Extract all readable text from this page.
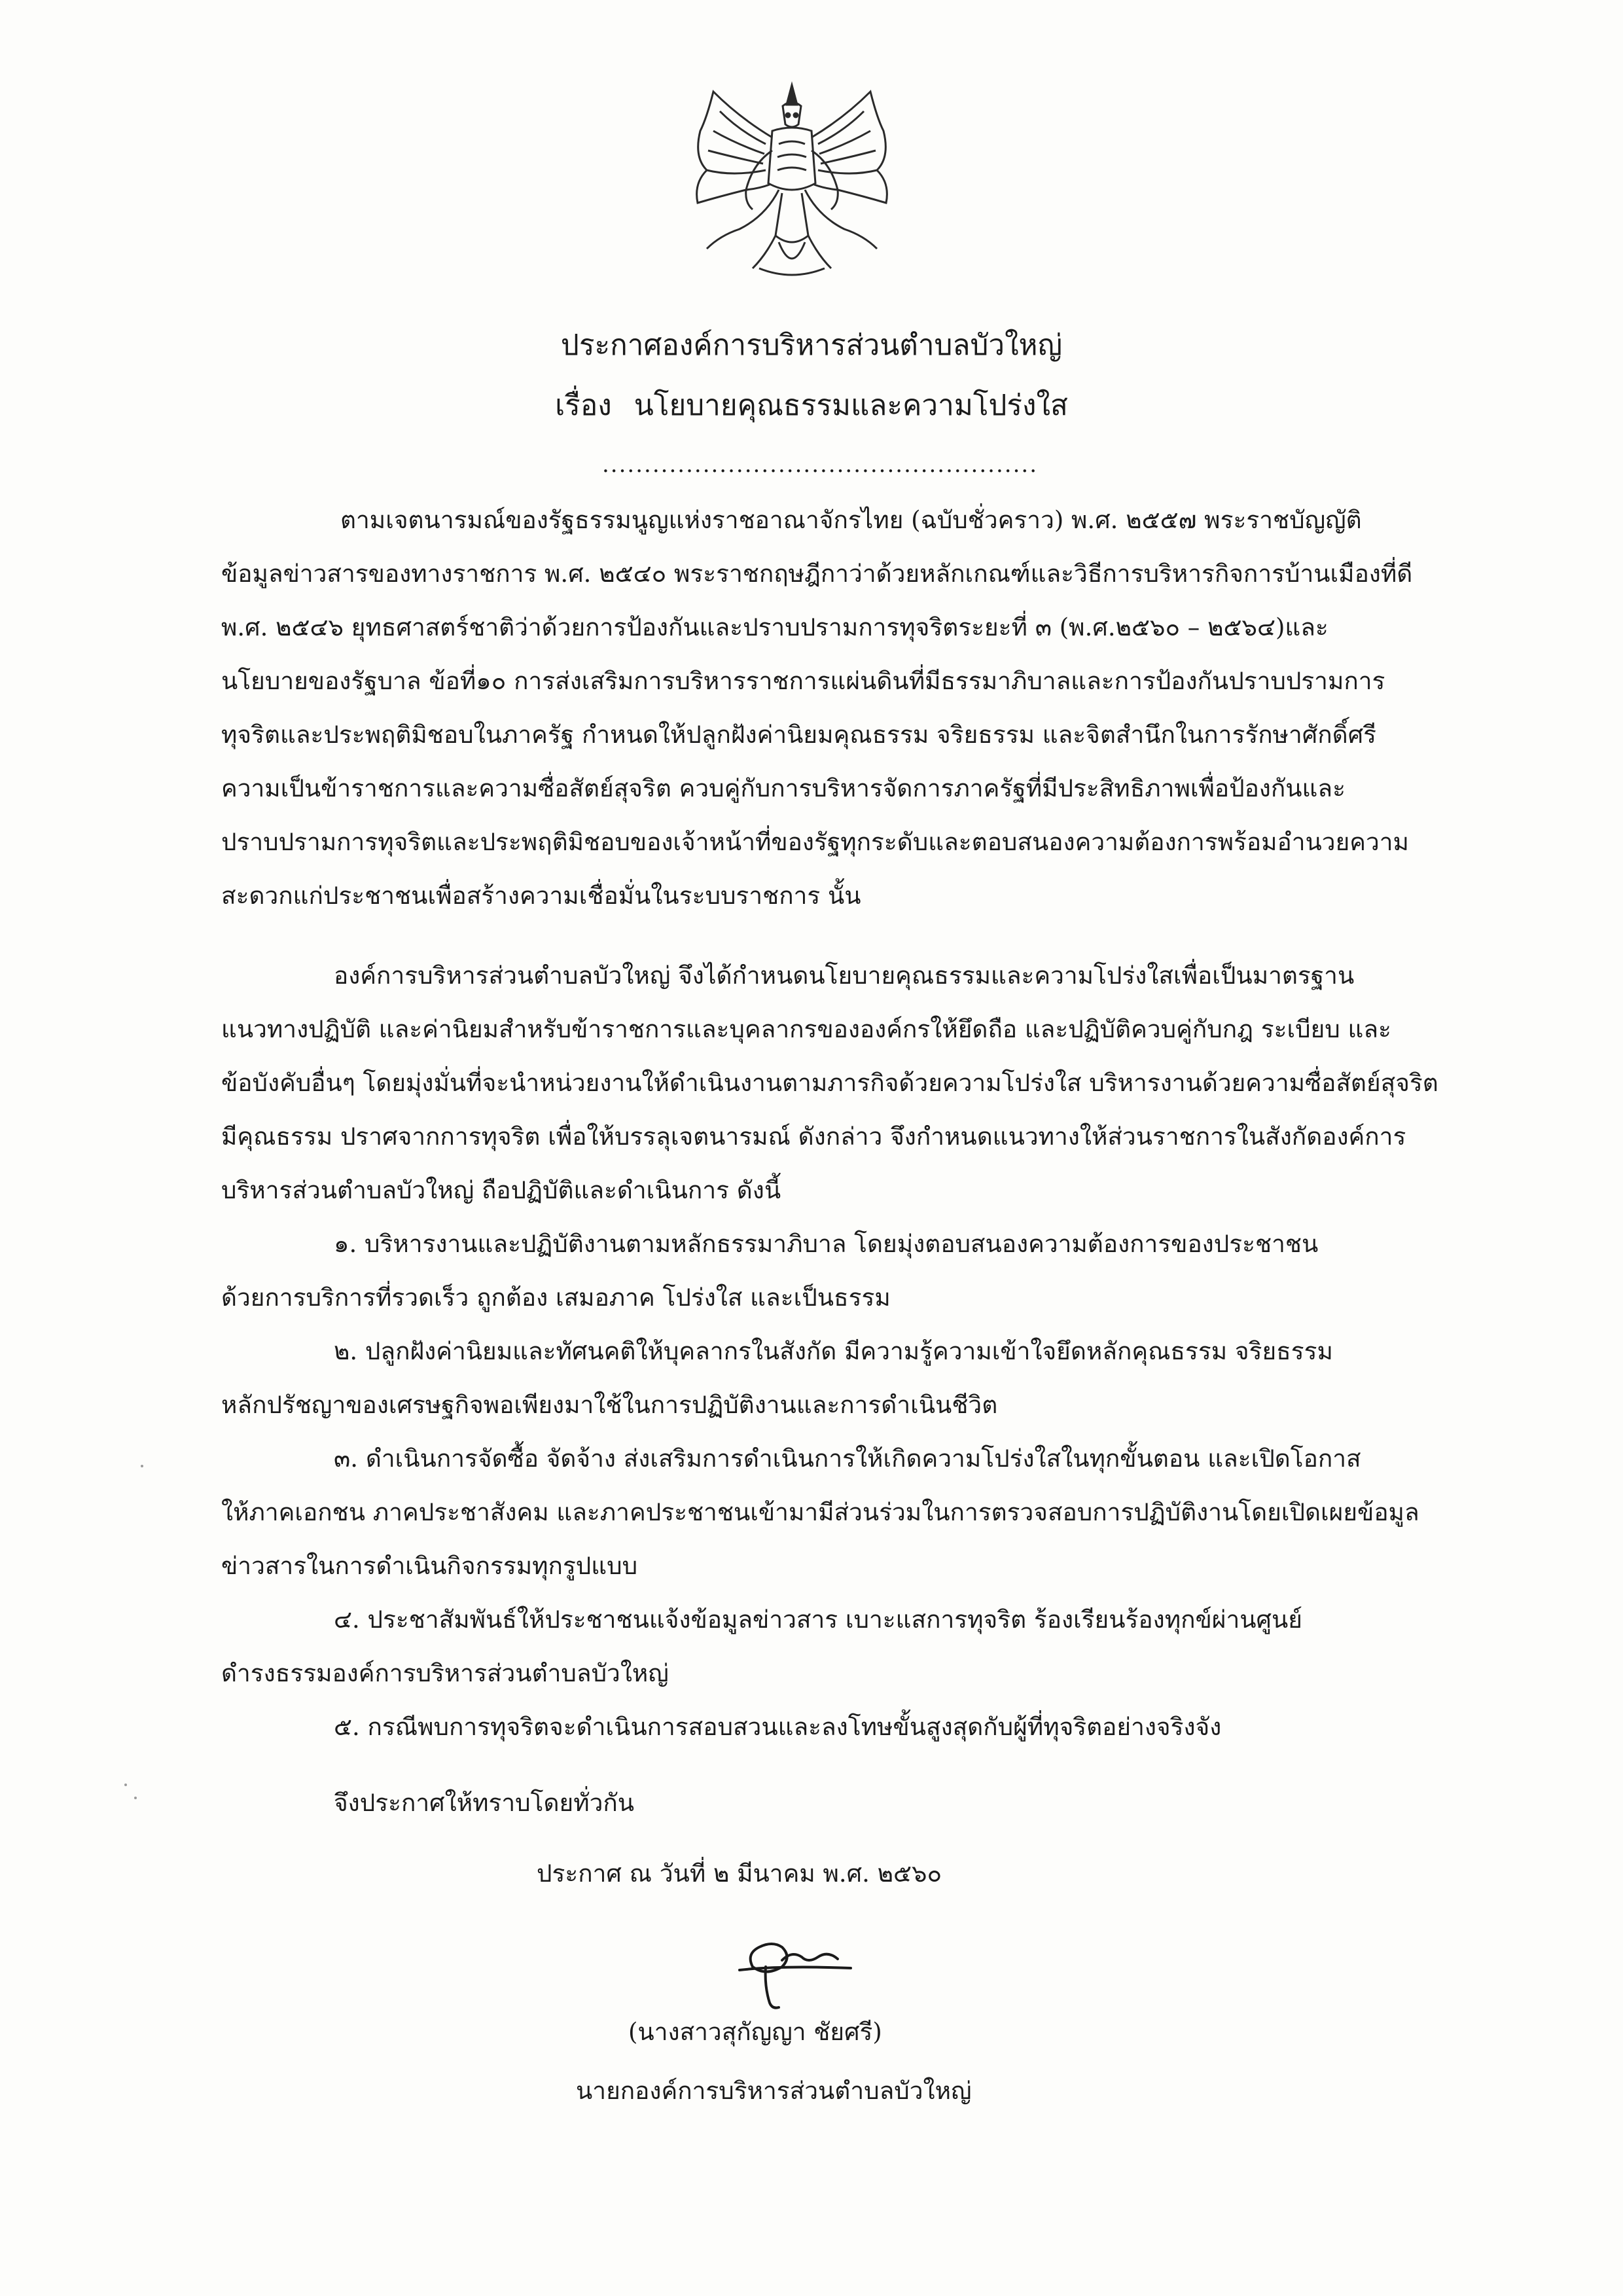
ประกาศองค์การบริหารส่วนตำบลบัวใหญ่
เรื่อง นโยบายคุณธรรมและความโปร่งใส
....................................................
ตามเจตนารมณ์ของรัฐธรรมนูญแห่งราชอาณาจักรไทย (ฉบับชั่วคราว) พ.ศ. ๒๕๕๗ พระราชบัญญัติ
ข้อมูลข่าวสารของทางราชการ พ.ศ. ๒๕๔๐ พระราชกฤษฎีกาว่าด้วยหลักเกณฑ์และวิธีการบริหารกิจการบ้านเมืองที่ดี
พ.ศ. ๒๕๔๖ ยุทธศาสตร์ชาติว่าด้วยการป้องกันและปราบปรามการทุจริตระยะที่ ๓ (พ.ศ.๒๕๖๐ – ๒๕๖๔)และ
นโยบายของรัฐบาล ข้อที่๑๐ การส่งเสริมการบริหารราชการแผ่นดินที่มีธรรมาภิบาลและการป้องกันปราบปรามการ
ทุจริตและประพฤติมิชอบในภาครัฐ กำหนดให้ปลูกฝังค่านิยมคุณธรรม จริยธรรม และจิตสำนึกในการรักษาศักดิ์ศรี
ความเป็นข้าราชการและความซื่อสัตย์สุจริต ควบคู่กับการบริหารจัดการภาครัฐที่มีประสิทธิภาพเพื่อป้องกันและ
ปราบปรามการทุจริตและประพฤติมิชอบของเจ้าหน้าที่ของรัฐทุกระดับและตอบสนองความต้องการพร้อมอำนวยความ
สะดวกแก่ประชาชนเพื่อสร้างความเชื่อมั่นในระบบราชการ นั้น
องค์การบริหารส่วนตำบลบัวใหญ่ จึงได้กำหนดนโยบายคุณธรรมและความโปร่งใสเพื่อเป็นมาตรฐาน
แนวทางปฏิบัติ และค่านิยมสำหรับข้าราชการและบุคลากรขององค์กรให้ยึดถือ และปฏิบัติควบคู่กับกฎ ระเบียบ และ
ข้อบังคับอื่นๆ โดยมุ่งมั่นที่จะนำหน่วยงานให้ดำเนินงานตามภารกิจด้วยความโปร่งใส บริหารงานด้วยความซื่อสัตย์สุจริต
มีคุณธรรม ปราศจากการทุจริต เพื่อให้บรรลุเจตนารมณ์ ดังกล่าว จึงกำหนดแนวทางให้ส่วนราชการในสังกัดองค์การ
บริหารส่วนตำบลบัวใหญ่ ถือปฏิบัติและดำเนินการ ดังนี้
๑. บริหารงานและปฏิบัติงานตามหลักธรรมาภิบาล โดยมุ่งตอบสนองความต้องการของประชาชน
ด้วยการบริการที่รวดเร็ว ถูกต้อง เสมอภาค โปร่งใส และเป็นธรรม
๒. ปลูกฝังค่านิยมและทัศนคติให้บุคลากรในสังกัด มีความรู้ความเข้าใจยึดหลักคุณธรรม จริยธรรม
หลักปรัชญาของเศรษฐกิจพอเพียงมาใช้ในการปฏิบัติงานและการดำเนินชีวิต
๓. ดำเนินการจัดซื้อ จัดจ้าง ส่งเสริมการดำเนินการให้เกิดความโปร่งใสในทุกขั้นตอน และเปิดโอกาส
ให้ภาคเอกชน ภาคประชาสังคม และภาคประชาชนเข้ามามีส่วนร่วมในการตรวจสอบการปฏิบัติงานโดยเปิดเผยข้อมูล
ข่าวสารในการดำเนินกิจกรรมทุกรูปแบบ
๔. ประชาสัมพันธ์ให้ประชาชนแจ้งข้อมูลข่าวสาร เบาะแสการทุจริต ร้องเรียนร้องทุกข์ผ่านศูนย์
ดำรงธรรมองค์การบริหารส่วนตำบลบัวใหญ่
๕. กรณีพบการทุจริตจะดำเนินการสอบสวนและลงโทษขั้นสูงสุดกับผู้ที่ทุจริตอย่างจริงจัง
จึงประกาศให้ทราบโดยทั่วกัน
ประกาศ ณ วันที่ ๒ มีนาคม พ.ศ. ๒๕๖๐
(นางสาวสุกัญญา ชัยศรี)
นายกองค์การบริหารส่วนตำบลบัวใหญ่
